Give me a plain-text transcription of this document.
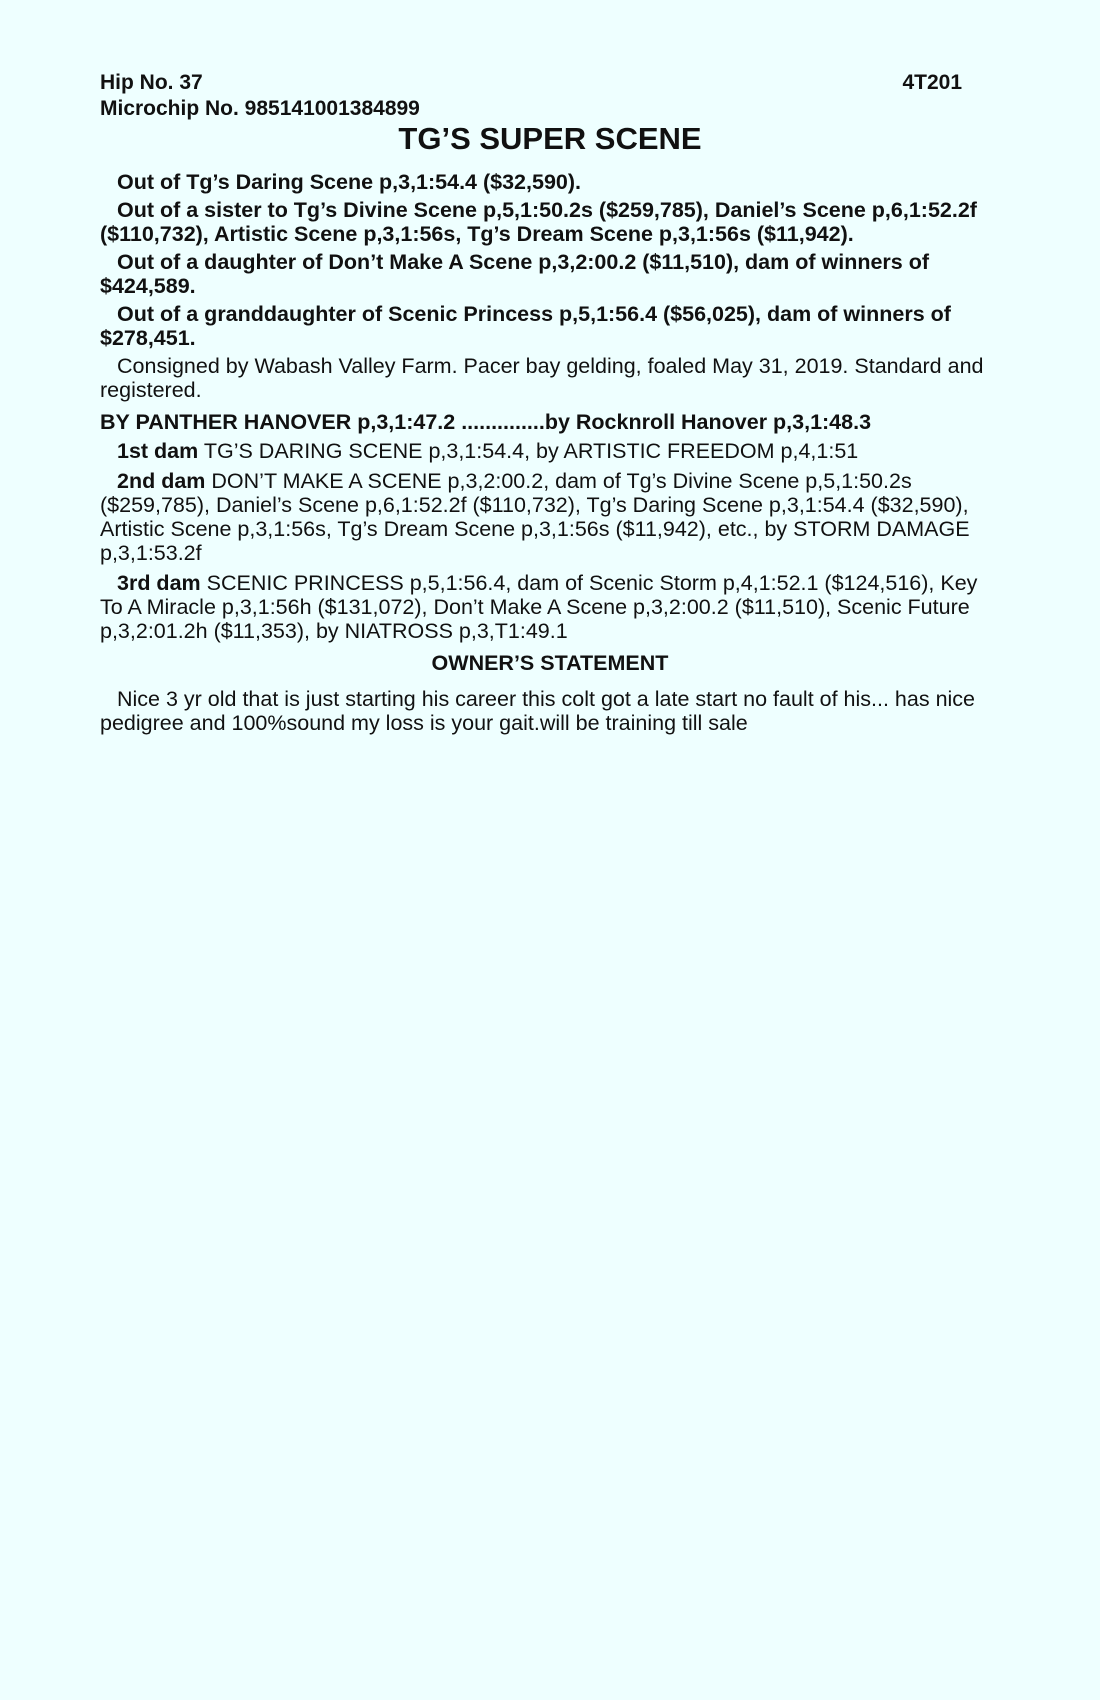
Hip No. 37	4T201
Microchip No. 985141001384899
TG’S SUPER SCENE

Out of Tg’s Daring Scene p,3,1:54.4 ($32,590).

Out of a sister to Tg’s Divine Scene p,5,1:50.2s ($259,785), Daniel’s Scene p,6,1:52.2f ($110,732), Artistic Scene p,3,1:56s, Tg’s Dream Scene p,3,1:56s ($11,942).

Out of a daughter of Don’t Make A Scene p,3,2:00.2 ($11,510), dam of winners of $424,589.

Out of a granddaughter of Scenic Princess p,5,1:56.4 ($56,025), dam of winners of $278,451.

Consigned by Wabash Valley Farm. Pacer bay gelding, foaled May 31, 2019. Standard and registered.

BY PANTHER HANOVER p,3,1:47.2 ..............by Rocknroll Hanover p,3,1:48.3

1st dam TG’S DARING SCENE p,3,1:54.4, by ARTISTIC FREEDOM p,4,1:51

2nd dam DON’T MAKE A SCENE p,3,2:00.2, dam of Tg’s Divine Scene p,5,1:50.2s ($259,785), Daniel’s Scene p,6,1:52.2f ($110,732), Tg’s Daring Scene p,3,1:54.4 ($32,590), Artistic Scene p,3,1:56s, Tg’s Dream Scene p,3,1:56s ($11,942), etc., by STORM DAMAGE p,3,1:53.2f

3rd dam SCENIC PRINCESS p,5,1:56.4, dam of Scenic Storm p,4,1:52.1 ($124,516), Key To A Miracle p,3,1:56h ($131,072), Don’t Make A Scene p,3,2:00.2 ($11,510), Scenic Future p,3,2:01.2h ($11,353), by NIATROSS p,3,T1:49.1

OWNER’S STATEMENT

Nice 3 yr old that is just starting his career this colt got a late start no fault of his... has nice pedigree and 100%sound my loss is your gait.will be training till sale
